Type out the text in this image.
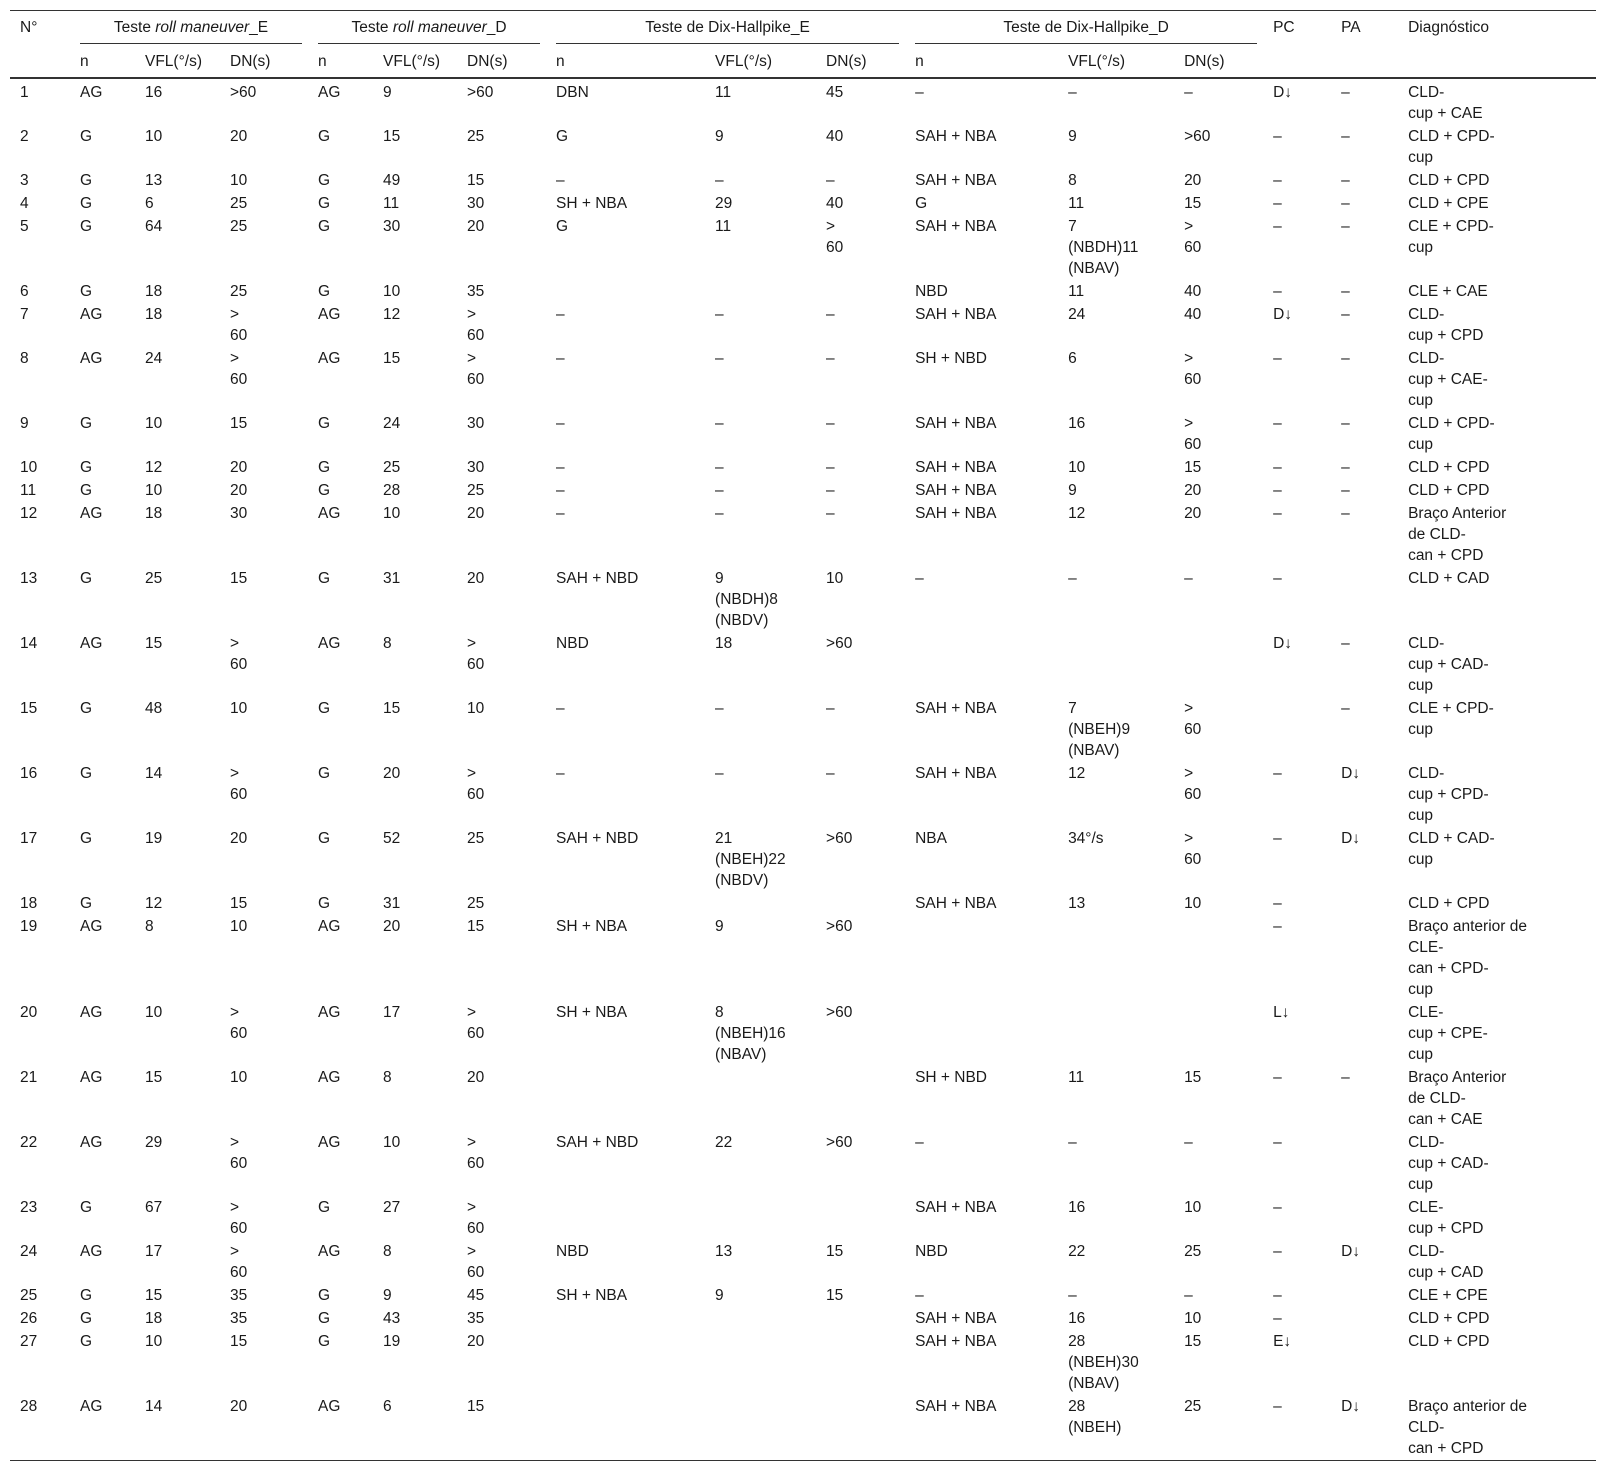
N°	Teste roll maneuver_E			Teste roll maneuver_D			Teste de Dix-Hallpike_E			Teste de Dix-Hallpike_D			PC	PA	Diagnóstico
	n	VFL(°/s)	DN(s)	n	VFL(°/s)	DN(s)	n	VFL(°/s)	DN(s)	n	VFL(°/s)	DN(s)			
1	AG	16	>60	AG	9	>60	DBN	11	45	–	–	–	D↓	–	CLD-
cup + CAE
2	G	10	20	G	15	25	G	9	40	SAH + NBA	9	>60	–	–	CLD + CPD-
cup
3	G	13	10	G	49	15	–	–	–	SAH + NBA	8	20	–	–	CLD + CPD
4	G	6	25	G	11	30	SH + NBA	29	40	G	11	15	–	–	CLD + CPE
5	G	64	25	G	30	20	G	11	>
60	SAH + NBA	7
(NBDH)11
(NBAV)	>
60	–	–	CLE + CPD-
cup
6	G	18	25	G	10	35				NBD	11	40	–	–	CLE + CAE
7	AG	18	>
60	AG	12	>
60	–	–	–	SAH + NBA	24	40	D↓	–	CLD-
cup + CPD
8	AG	24	>
60	AG	15	>
60	–	–	–	SH + NBD	6	>
60	–	–	CLD-
cup + CAE-
cup
9	G	10	15	G	24	30	–	–	–	SAH + NBA	16	>
60	–	–	CLD + CPD-
cup
10	G	12	20	G	25	30	–	–	–	SAH + NBA	10	15	–	–	CLD + CPD
11	G	10	20	G	28	25	–	–	–	SAH + NBA	9	20	–	–	CLD + CPD
12	AG	18	30	AG	10	20	–	–	–	SAH + NBA	12	20	–	–	Braço Anterior
de CLD-
can + CPD
13	G	25	15	G	31	20	SAH + NBD	9
(NBDH)8
(NBDV)	10	–	–	–	–		CLD + CAD
14	AG	15	>
60	AG	8	>
60	NBD	18	>60				D↓	–	CLD-
cup + CAD-
cup
15	G	48	10	G	15	10	–	–	–	SAH + NBA	7
(NBEH)9
(NBAV)	>
60		–	CLE + CPD-
cup
16	G	14	>
60	G	20	>
60	–	–	–	SAH + NBA	12	>
60	–	D↓	CLD-
cup + CPD-
cup
17	G	19	20	G	52	25	SAH + NBD	21
(NBEH)22
(NBDV)	>60	NBA	34°/s	>
60	–	D↓	CLD + CAD-
cup
18	G	12	15	G	31	25				SAH + NBA	13	10	–		CLD + CPD
19	AG	8	10	AG	20	15	SH + NBA	9	>60				–		Braço anterior de
CLE-
can + CPD-
cup
20	AG	10	>
60	AG	17	>
60	SH + NBA	8
(NBEH)16
(NBAV)	>60				L↓		CLE-
cup + CPE-
cup
21	AG	15	10	AG	8	20				SH + NBD	11	15	–	–	Braço Anterior
de CLD-
can + CAE
22	AG	29	>
60	AG	10	>
60	SAH + NBD	22	>60	–	–	–	–		CLD-
cup + CAD-
cup
23	G	67	>
60	G	27	>
60				SAH + NBA	16	10	–		CLE-
cup + CPD
24	AG	17	>
60	AG	8	>
60	NBD	13	15	NBD	22	25	–	D↓	CLD-
cup + CAD
25	G	15	35	G	9	45	SH + NBA	9	15	–	–	–	–		CLE + CPE
26	G	18	35	G	43	35				SAH + NBA	16	10	–		CLD + CPD
27	G	10	15	G	19	20				SAH + NBA	28
(NBEH)30
(NBAV)	15	E↓		CLD + CPD
28	AG	14	20	AG	6	15				SAH + NBA	28
(NBEH)	25	–	D↓	Braço anterior de
CLD-
can + CPD
